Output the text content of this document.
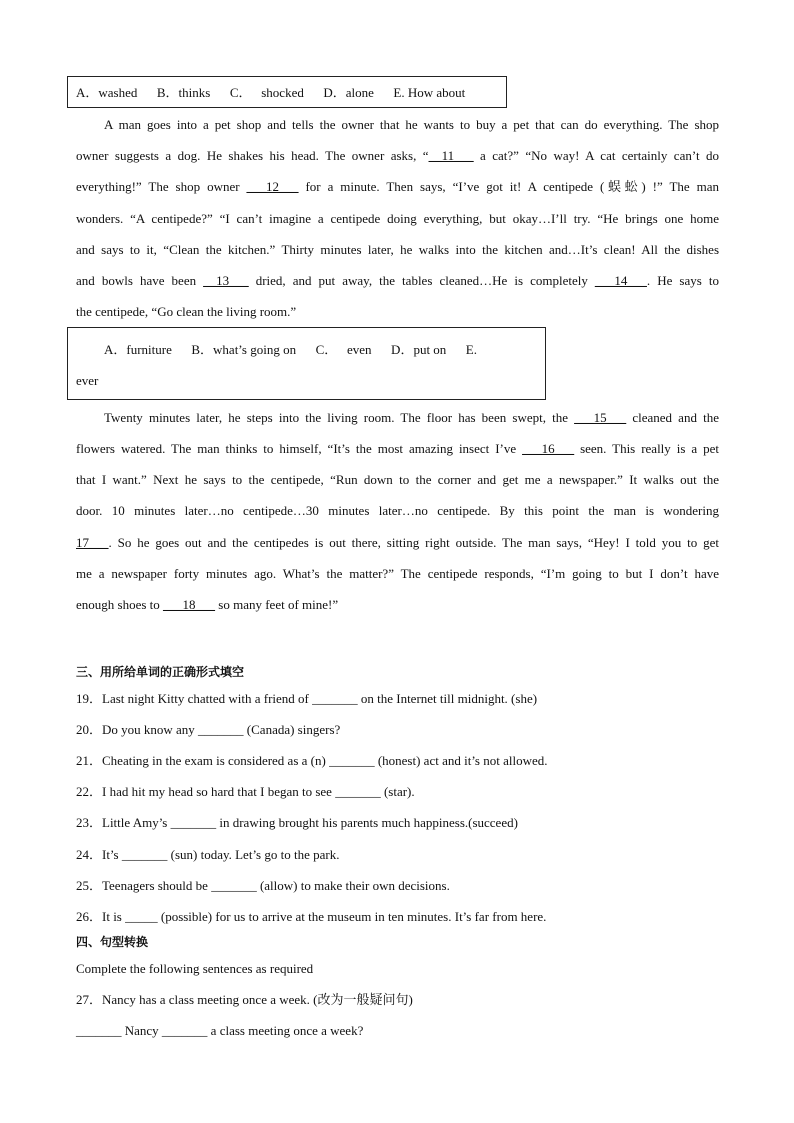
A．washed      B．thinks      C．   shocked      D．alone      E. How about
A man goes into a pet shop and tells the owner that he wants to buy a pet that can do everything. The shop
owner suggests a dog. He shakes his head. The owner asks, “__11___ a cat?” “No way! A cat certainly can’t do
everything!” The shop owner ___12___ for a minute. Then says, “I’ve got it! A centipede (蜈蚣) !” The man
wonders. “A centipede?” “I can’t imagine a centipede doing everything, but okay…I’ll try. “He brings one home
and says to it, “Clean the kitchen.” Thirty minutes later, he walks into the kitchen and…It’s clean! All the dishes
and bowls have been __13___ dried, and put away, the tables cleaned…He is completely ___14___. He says to
the centipede, “Go clean the living room.”
A．furniture      B．what’s going on      C．   even      D．put on      E.
ever
Twenty minutes later, he steps into the living room. The floor has been swept, the ___15___ cleaned and the
flowers watered. The man thinks to himself, “It’s the most amazing insect I’ve ___16___ seen. This really is a pet
that I want.” Next he says to the centipede, “Run down to the corner and get me a newspaper.” It walks out the
door. 10 minutes later…no centipede…30 minutes later…no centipede. By this point the man is wondering
17___. So he goes out and the centipedes is out there, sitting right outside. The man says, “Hey! I told you to get
me a newspaper forty minutes ago. What’s the matter?” The centipede responds, “I’m going to but I don’t have
enough shoes to ___18___ so many feet of mine!”
三、用所给单词的正确形式填空
19．Last night Kitty chatted with a friend of _______ on the Internet till midnight. (she)
20．Do you know any _______ (Canada) singers?
21．Cheating in the exam is considered as a (n) _______ (honest) act and it’s not allowed.
22．I had hit my head so hard that I began to see _______ (star).
23．Little Amy’s _______ in drawing brought his parents much happiness.(succeed)
24．It’s _______ (sun) today. Let’s go to the park.
25．Teenagers should be _______ (allow) to make their own decisions.
26．It is _____ (possible) for us to arrive at the museum in ten minutes. It’s far from here.
四、句型转换
Complete the following sentences as required
27．Nancy has a class meeting once a week. (改为一般疑问句)
_______ Nancy _______ a class meeting once a week?
